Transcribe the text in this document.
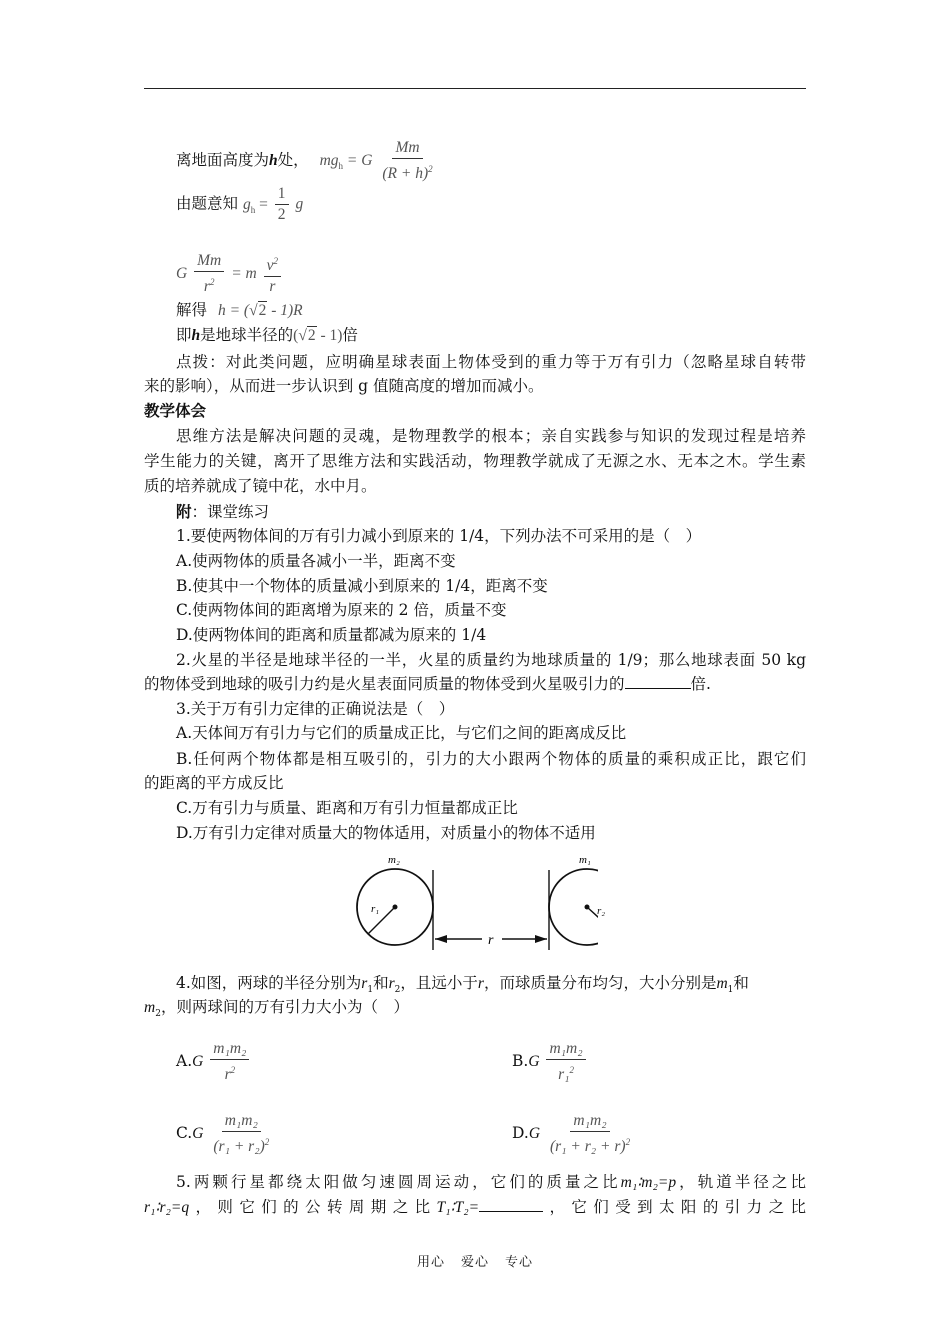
离地面高度为h处， $mg_h = G \frac{Mm}{(R + h)^2}$
由题意知 $g_h = \frac{1}{2}$ g
G $\frac{Mm}{r^2} = m \frac{v^2}{r}$
解得 h = (√2 - 1)R
即h是地球半径的(√2 - 1)倍
点拨：对此类问题，应明确星球表面上物体受到的重力等于万有引力（忽略星球自转带
来的影响），从而进一步认识到 g 值随高度的增加而减小。
教学体会
思维方法是解决问题的灵魂，是物理教学的根本；亲自实践参与知识的发现过程是培养
学生能力的关键，离开了思维方法和实践活动，物理教学就成了无源之水、无本之木。学生素
质的培养就成了镜中花，水中月。
附：课堂练习
1.要使两物体间的万有引力减小到原来的 1/4，下列办法不可采用的是（　）
A.使两物体的质量各减小一半，距离不变
B.使其中一个物体的质量减小到原来的 1/4，距离不变
C.使两物体间的距离增为原来的 2 倍，质量不变
D.使两物体间的距离和质量都减为原来的 1/4
2.火星的半径是地球半径的一半，火星的质量约为地球质量的 1/9；那么地球表面 50 kg
的物体受到地球的吸引力约是火星表面同质量的物体受到火星吸引力的	倍.
3.关于万有引力定律的正确说法是（　）
A.天体间万有引力与它们的质量成正比，与它们之间的距离成反比
B.任何两个物体都是相互吸引的，引力的大小跟两个物体的质量的乘积成正比，跟它们
的距离的平方成反比
C.万有引力与质量、距离和万有引力恒量都成正比
D.万有引力定律对质量大的物体适用，对质量小的物体不适用
m₂
r₁
m₁
r
r₂
4.如图，两球的半径分别为$r_1$和$r_2$，且远小于r，而球质量分布均匀，大小分别是$m_1$和
$m_2$，则两球间的万有引力大小为（　）
$A.G \frac{\text{m₁m₂}}{r^2}$	$B.G \frac{\text{m₁m₂}}{r_1^2}$
$C.G \frac{\text{m₁m₂}}{(r_1 + r_2)^2}$	$D.G \frac{\text{m₁m₂}}{(r_1 + r_2 + r)^2}$
5.两颗行星都绕太阳做匀速圆周运动，它们的质量之比m₁∶m₂=p，轨道半径之比
r₁∶r₂=q，则它们的公转周期之比T₁∶T₂=	，它们受到太阳的引力之比
用心 爱心 专心
